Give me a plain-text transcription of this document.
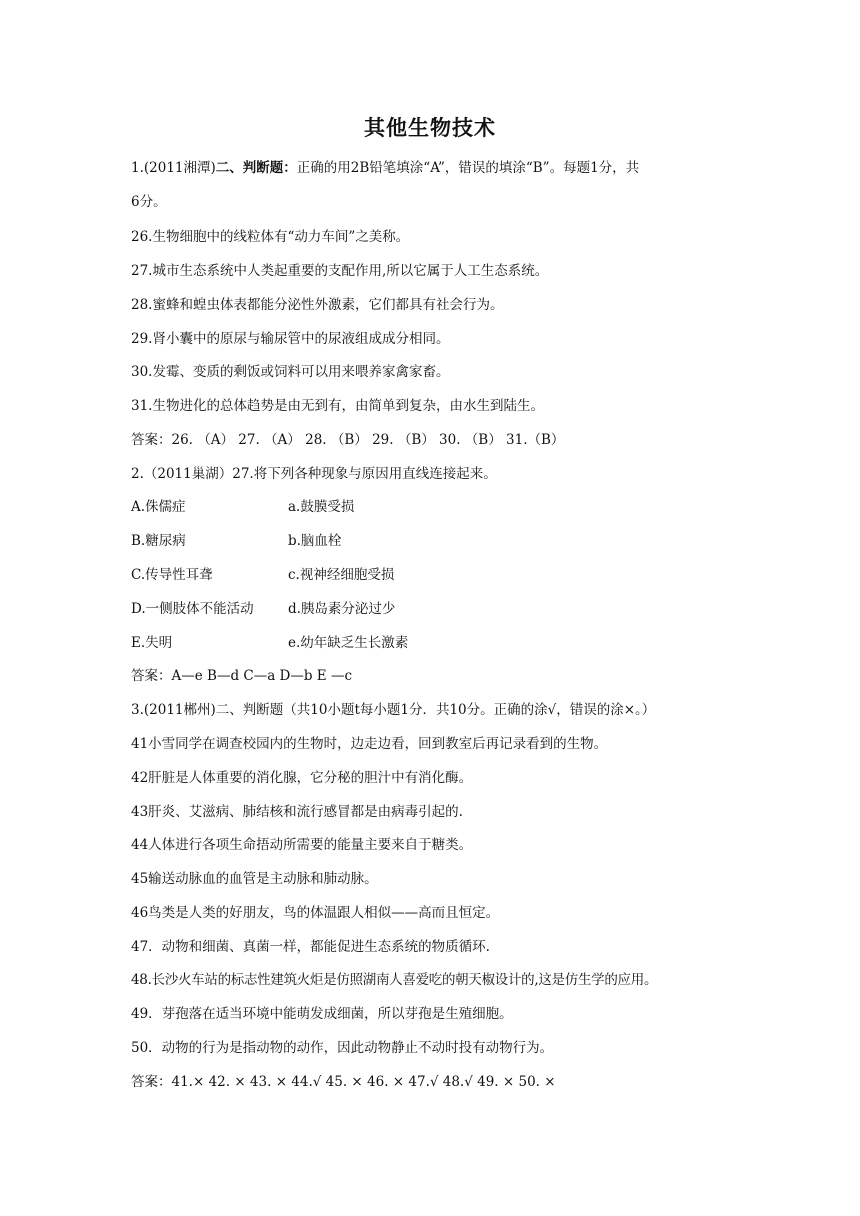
其他生物技术
1.(2011湘潭)二、判断题：正确的用2B铅笔填涂“A”，错误的填涂“B”。每题1分，共
6分。
26.生物细胞中的线粒体有“动力车间”之美称。
27.城市生态系统中人类起重要的支配作用,所以它属于人工生态系统。
28.蜜蜂和蝗虫体表都能分泌性外激素，它们都具有社会行为。
29.肾小囊中的原尿与输尿管中的尿液组成成分相同。
30.发霉、变质的剩饭或饲料可以用来喂养家禽家畜。
31.生物进化的总体趋势是由无到有，由简单到复杂，由水生到陆生。
答案：26. （A） 27. （A） 28. （B） 29. （B） 30. （B） 31.（B）
2.（2011巢湖）27.将下列各种现象与原因用直线连接起来。
A.侏儒症	a.鼓膜受损
B.糖尿病	b.脑血栓
C.传导性耳聋	c.视神经细胞受损
D.一侧肢体不能活动	d.胰岛素分泌过少
E.失明	e.幼年缺乏生长激素
答案：A—e B—d C—a D—b E —c
3.(2011郴州)二、判断题（共10小题t每小题1分．共10分。正确的涂√，错误的涂×。）
41小雪同学在调查校园内的生物时，边走边看，回到教室后再记录看到的生物。
42肝脏是人体重要的消化腺，它分秘的胆汁中有消化酶。
43肝炎、艾滋病、肺结核和流行感冒都是由病毒引起的.
44人体进行各项生命捂动所需要的能量主要来自于糖类。
45输送动脉血的血管是主动脉和肺动脉。
46鸟类是人类的好朋友，鸟的体温跟人相似——高而且恒定。
47．动物和细菌、真菌一样，都能促进生态系统的物质循环.
48.长沙火车站的标志性建筑火炬是仿照湖南人喜爱吃的朝天椒设计的,这是仿生学的应用。
49．芽孢落在适当环境中能萌发成细菌，所以芽孢是生殖细胞。
50．动物的行为是指动物的动作，因此动物静止不动时投有动物行为。
答案：41.× 42. × 43. × 44.√ 45. × 46. × 47.√ 48.√ 49. × 50. ×
